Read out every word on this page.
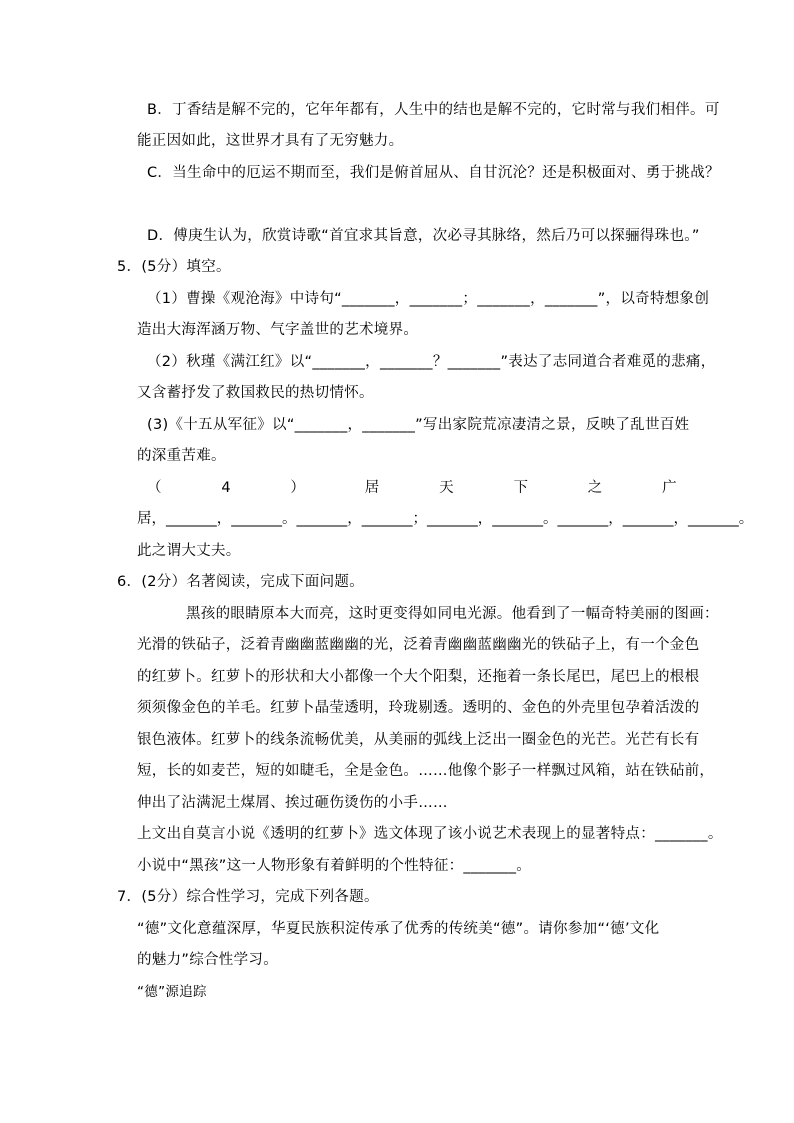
B．丁香结是解不完的，它年年都有，人生中的结也是解不完的，它时常与我们相伴。可
能正因如此，这世界才具有了无穷魅力。
C．当生命中的厄运不期而至，我们是俯首屈从、自甘沉沦？还是积极面对、勇于挑战？
D．傅庚生认为，欣赏诗歌“首宜求其旨意，次必寻其脉络，然后乃可以探骊得珠也。”
5．(5分）填空。
（1）曹操《观沧海》中诗句“_______，_______；_______，_______”，以奇特想象创
造出大海浑涵万物、气字盖世的艺术境界。
（2）秋瑾《满江红》以“_______，_______？_______”表达了志同道合者难觅的悲痛，
又含蓄抒发了救国救民的热切情怀。
(3)《十五从军征》以“_______，_______”写出家院荒凉凄清之景，反映了乱世百姓
的深重苦难。
（	4	）	居	天	下	之	广
居，_______，_______。_______，_______；_______，_______。_______，_______，_______。
此之谓大丈夫。
6．(2分）名著阅读，完成下面问题。
黑孩的眼睛原本大而亮，这时更变得如同电光源。他看到了一幅奇特美丽的图画：
光滑的铁砧子，泛着青幽幽蓝幽幽的光，泛着青幽幽蓝幽幽光的铁砧子上，有一个金色
的红萝卜。红萝卜的形状和大小都像一个大个阳梨，还拖着一条长尾巴，尾巴上的根根
须须像金色的羊毛。红萝卜晶莹透明，玲珑剔透。透明的、金色的外壳里包孕着活泼的
银色液体。红萝卜的线条流畅优美，从美丽的弧线上泛出一圈金色的光芒。光芒有长有
短，长的如麦芒，短的如睫毛，全是金色。……他像个影子一样飘过风箱，站在铁砧前，
伸出了沾满泥土煤屑、挨过砸伤烫伤的小手……
上文出自莫言小说《透明的红萝卜》选文体现了该小说艺术表现上的显著特点：_______。
小说中“黑孩”这一人物形象有着鲜明的个性特征：_______。
7．(5分）综合性学习，完成下列各题。
“德”文化意蕴深厚，华夏民族积淀传承了优秀的传统美“德”。请你参加“‘德’文化
的魅力”综合性学习。
“德”源追踪
